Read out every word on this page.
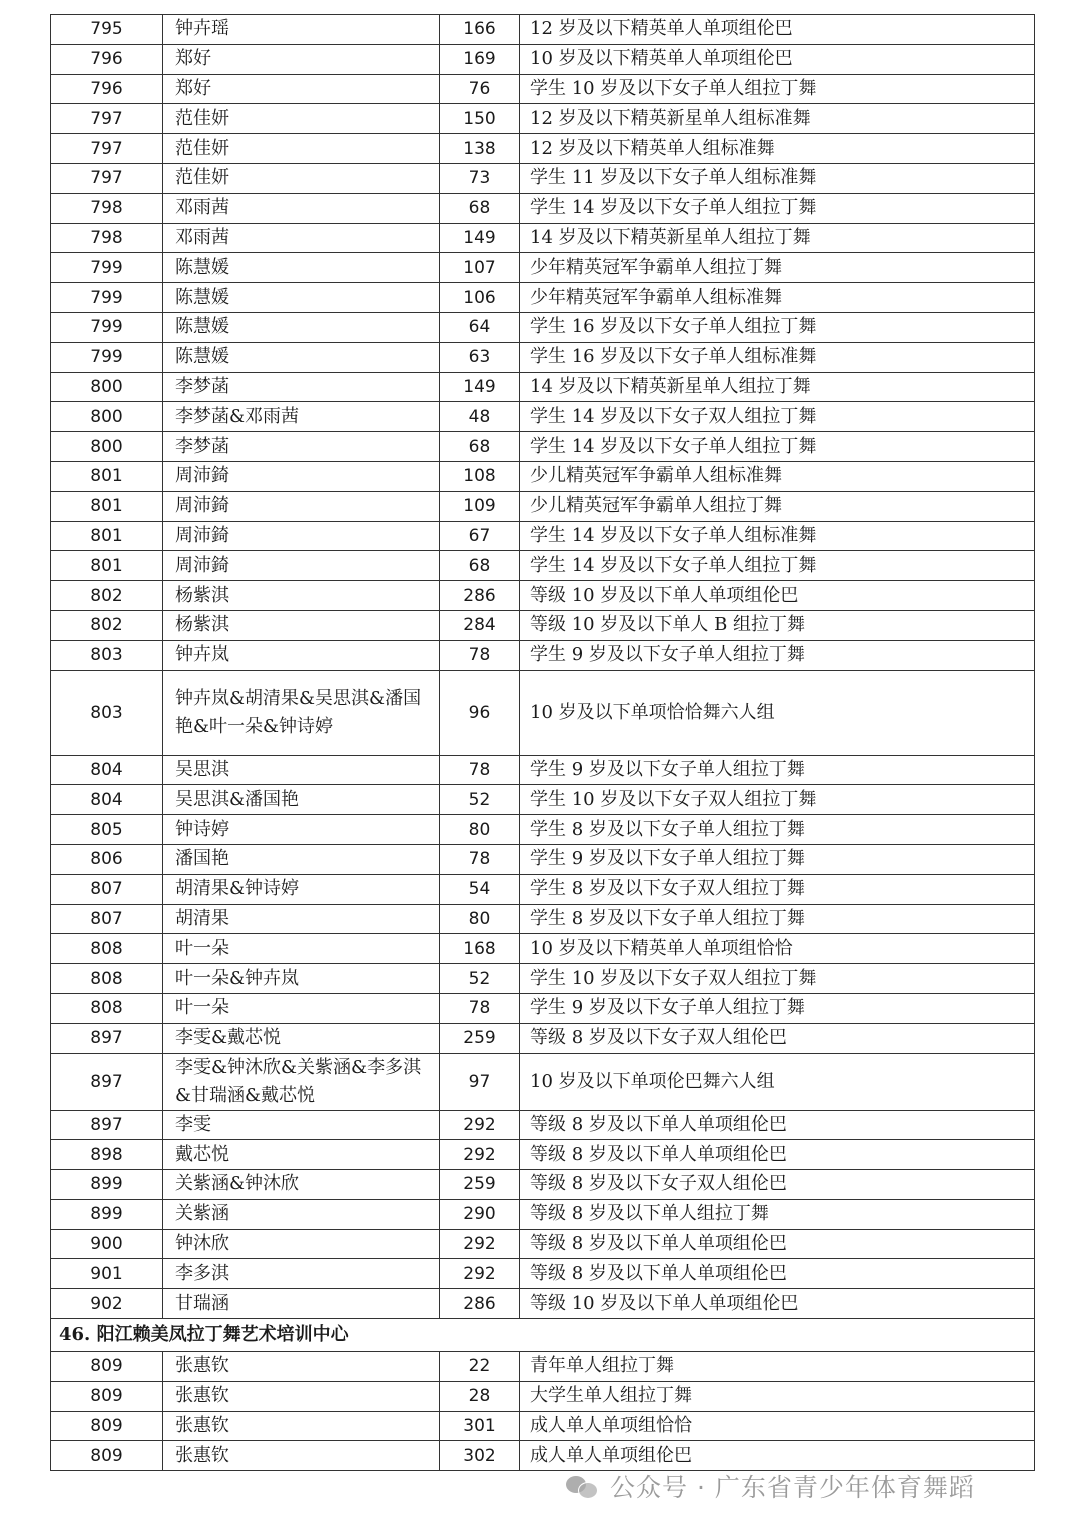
795	钟卉瑶	166	12 岁及以下精英单人单项组伦巴
796	郑好	169	10 岁及以下精英单人单项组伦巴
796	郑好	76	学生 10 岁及以下女子单人组拉丁舞
797	范佳妍	150	12 岁及以下精英新星单人组标准舞
797	范佳妍	138	12 岁及以下精英单人组标准舞
797	范佳妍	73	学生 11 岁及以下女子单人组标准舞
798	邓雨茜	68	学生 14 岁及以下女子单人组拉丁舞
798	邓雨茜	149	14 岁及以下精英新星单人组拉丁舞
799	陈慧媛	107	少年精英冠军争霸单人组拉丁舞
799	陈慧媛	106	少年精英冠军争霸单人组标准舞
799	陈慧媛	64	学生 16 岁及以下女子单人组拉丁舞
799	陈慧媛	63	学生 16 岁及以下女子单人组标准舞
800	李梦菡	149	14 岁及以下精英新星单人组拉丁舞
800	李梦菡&邓雨茜	48	学生 14 岁及以下女子双人组拉丁舞
800	李梦菡	68	学生 14 岁及以下女子单人组拉丁舞
801	周沛錡	108	少儿精英冠军争霸单人组标准舞
801	周沛錡	109	少儿精英冠军争霸单人组拉丁舞
801	周沛錡	67	学生 14 岁及以下女子单人组标准舞
801	周沛錡	68	学生 14 岁及以下女子单人组拉丁舞
802	杨紫淇	286	等级 10 岁及以下单人单项组伦巴
802	杨紫淇	284	等级 10 岁及以下单人 B 组拉丁舞
803	钟卉岚	78	学生 9 岁及以下女子单人组拉丁舞
803	钟卉岚&胡清果&吴思淇&潘国艳&叶一朵&钟诗婷	96	10 岁及以下单项恰恰舞六人组
804	吴思淇	78	学生 9 岁及以下女子单人组拉丁舞
804	吴思淇&潘国艳	52	学生 10 岁及以下女子双人组拉丁舞
805	钟诗婷	80	学生 8 岁及以下女子单人组拉丁舞
806	潘国艳	78	学生 9 岁及以下女子单人组拉丁舞
807	胡清果&钟诗婷	54	学生 8 岁及以下女子双人组拉丁舞
807	胡清果	80	学生 8 岁及以下女子单人组拉丁舞
808	叶一朵	168	10 岁及以下精英单人单项组恰恰
808	叶一朵&钟卉岚	52	学生 10 岁及以下女子双人组拉丁舞
808	叶一朵	78	学生 9 岁及以下女子单人组拉丁舞
897	李雯&戴芯悦	259	等级 8 岁及以下女子双人组伦巴
897	李雯&钟沐欣&关紫涵&李多淇&甘瑞涵&戴芯悦	97	10 岁及以下单项伦巴舞六人组
897	李雯	292	等级 8 岁及以下单人单项组伦巴
898	戴芯悦	292	等级 8 岁及以下单人单项组伦巴
899	关紫涵&钟沐欣	259	等级 8 岁及以下女子双人组伦巴
899	关紫涵	290	等级 8 岁及以下单人组拉丁舞
900	钟沐欣	292	等级 8 岁及以下单人单项组伦巴
901	李多淇	292	等级 8 岁及以下单人单项组伦巴
902	甘瑞涵	286	等级 10 岁及以下单人单项组伦巴
46. 阳江赖美凤拉丁舞艺术培训中心			
809	张惠钦	22	青年单人组拉丁舞
809	张惠钦	28	大学生单人组拉丁舞
809	张惠钦	301	成人单人单项组恰恰
809	张惠钦	302	成人单人单项组伦巴
公众号 · 广东省青少年体育舞蹈
